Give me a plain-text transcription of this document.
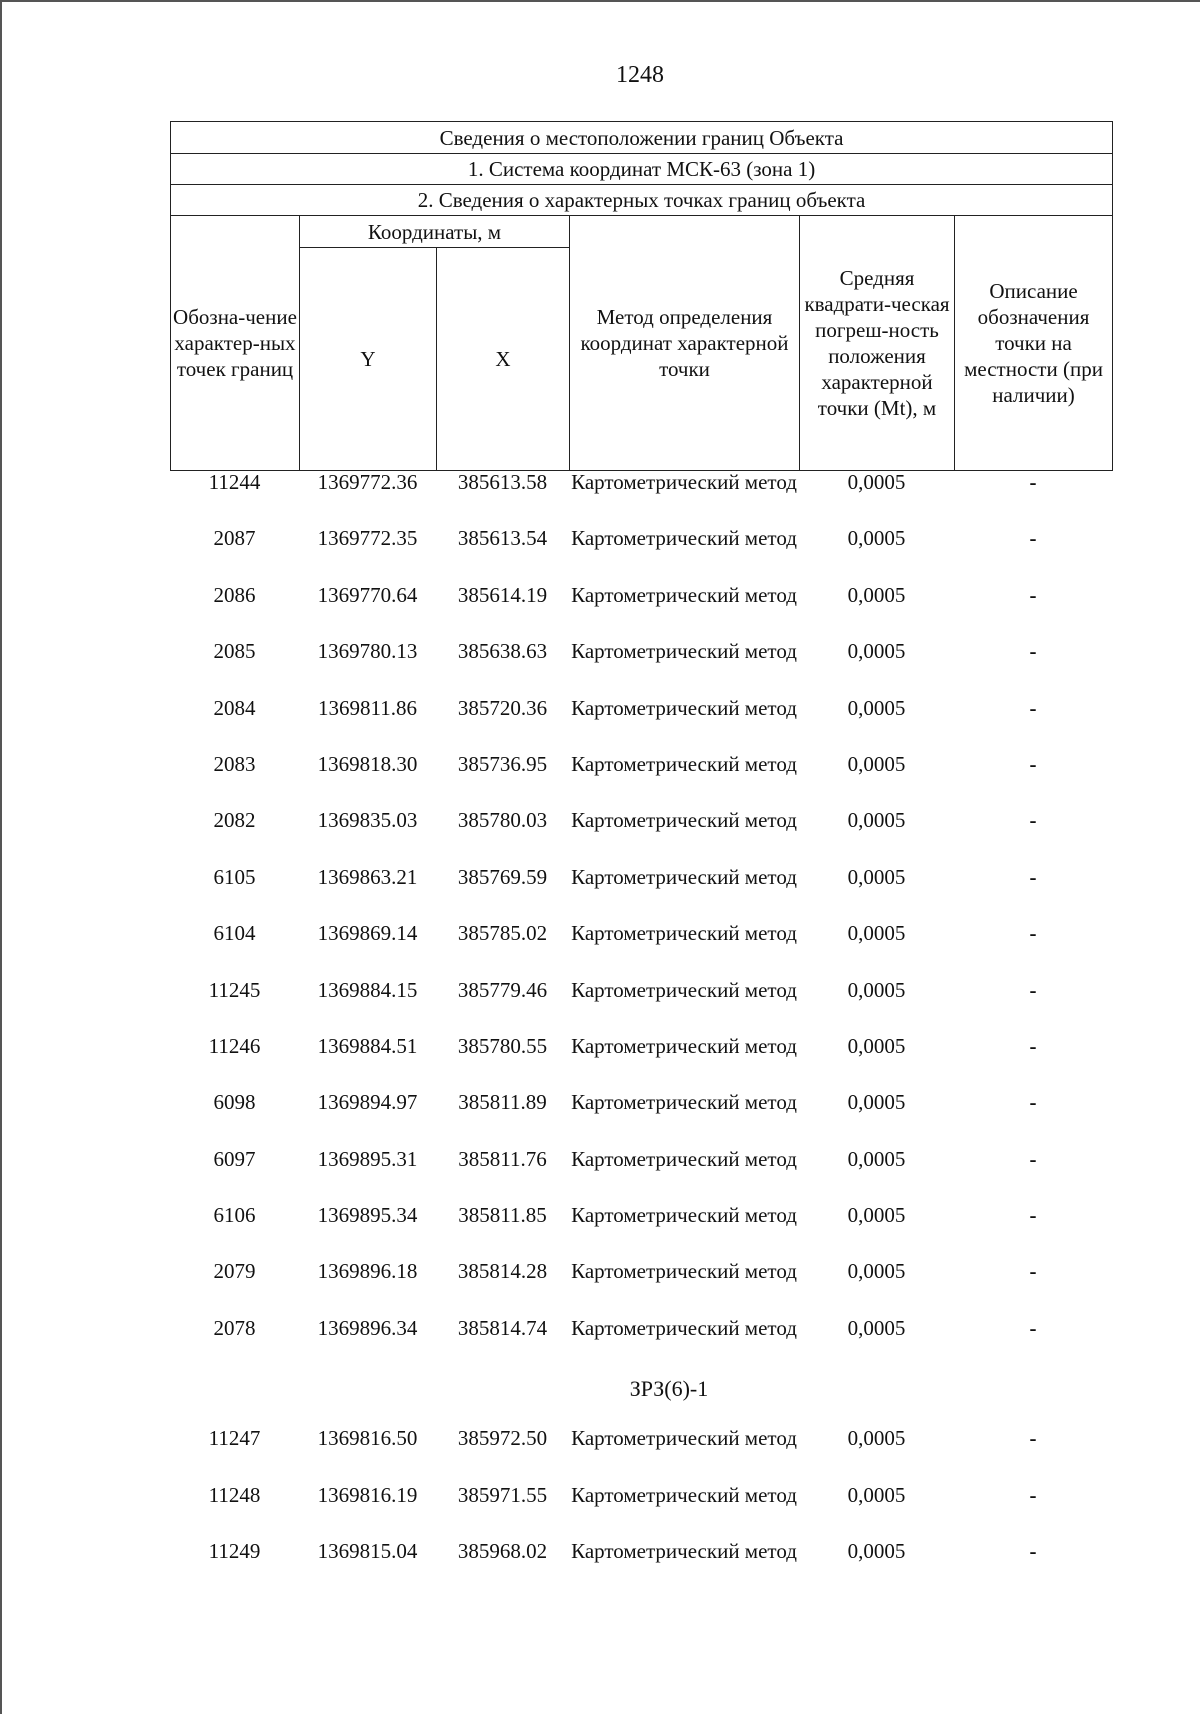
1248
Сведения о местоположении границ Объекта					
1. Система координат МСК-63 (зона 1)					
2. Сведения о характерных точках границ объекта					
Обозна-чение характер-ных точек границ	Координаты, м		Метод определения координат характерной точки	Средняя квадрати-ческая погреш-ность положения характерной точки (Mt), м	Описание обозначения точки на местности (при наличии)
	Y	X			
11244	1369772.36	385613.58	Картометрический метод	0,0005	-
2087	1369772.35	385613.54	Картометрический метод	0,0005	-
2086	1369770.64	385614.19	Картометрический метод	0,0005	-
2085	1369780.13	385638.63	Картометрический метод	0,0005	-
2084	1369811.86	385720.36	Картометрический метод	0,0005	-
2083	1369818.30	385736.95	Картометрический метод	0,0005	-
2082	1369835.03	385780.03	Картометрический метод	0,0005	-
6105	1369863.21	385769.59	Картометрический метод	0,0005	-
6104	1369869.14	385785.02	Картометрический метод	0,0005	-
11245	1369884.15	385779.46	Картометрический метод	0,0005	-
11246	1369884.51	385780.55	Картометрический метод	0,0005	-
6098	1369894.97	385811.89	Картометрический метод	0,0005	-
6097	1369895.31	385811.76	Картометрический метод	0,0005	-
6106	1369895.34	385811.85	Картометрический метод	0,0005	-
2079	1369896.18	385814.28	Картометрический метод	0,0005	-
2078	1369896.34	385814.74	Картометрический метод	0,0005	-
ЗРЗ(6)-1
11247	1369816.50	385972.50	Картометрический метод	0,0005	-
11248	1369816.19	385971.55	Картометрический метод	0,0005	-
11249	1369815.04	385968.02	Картометрический метод	0,0005	-
